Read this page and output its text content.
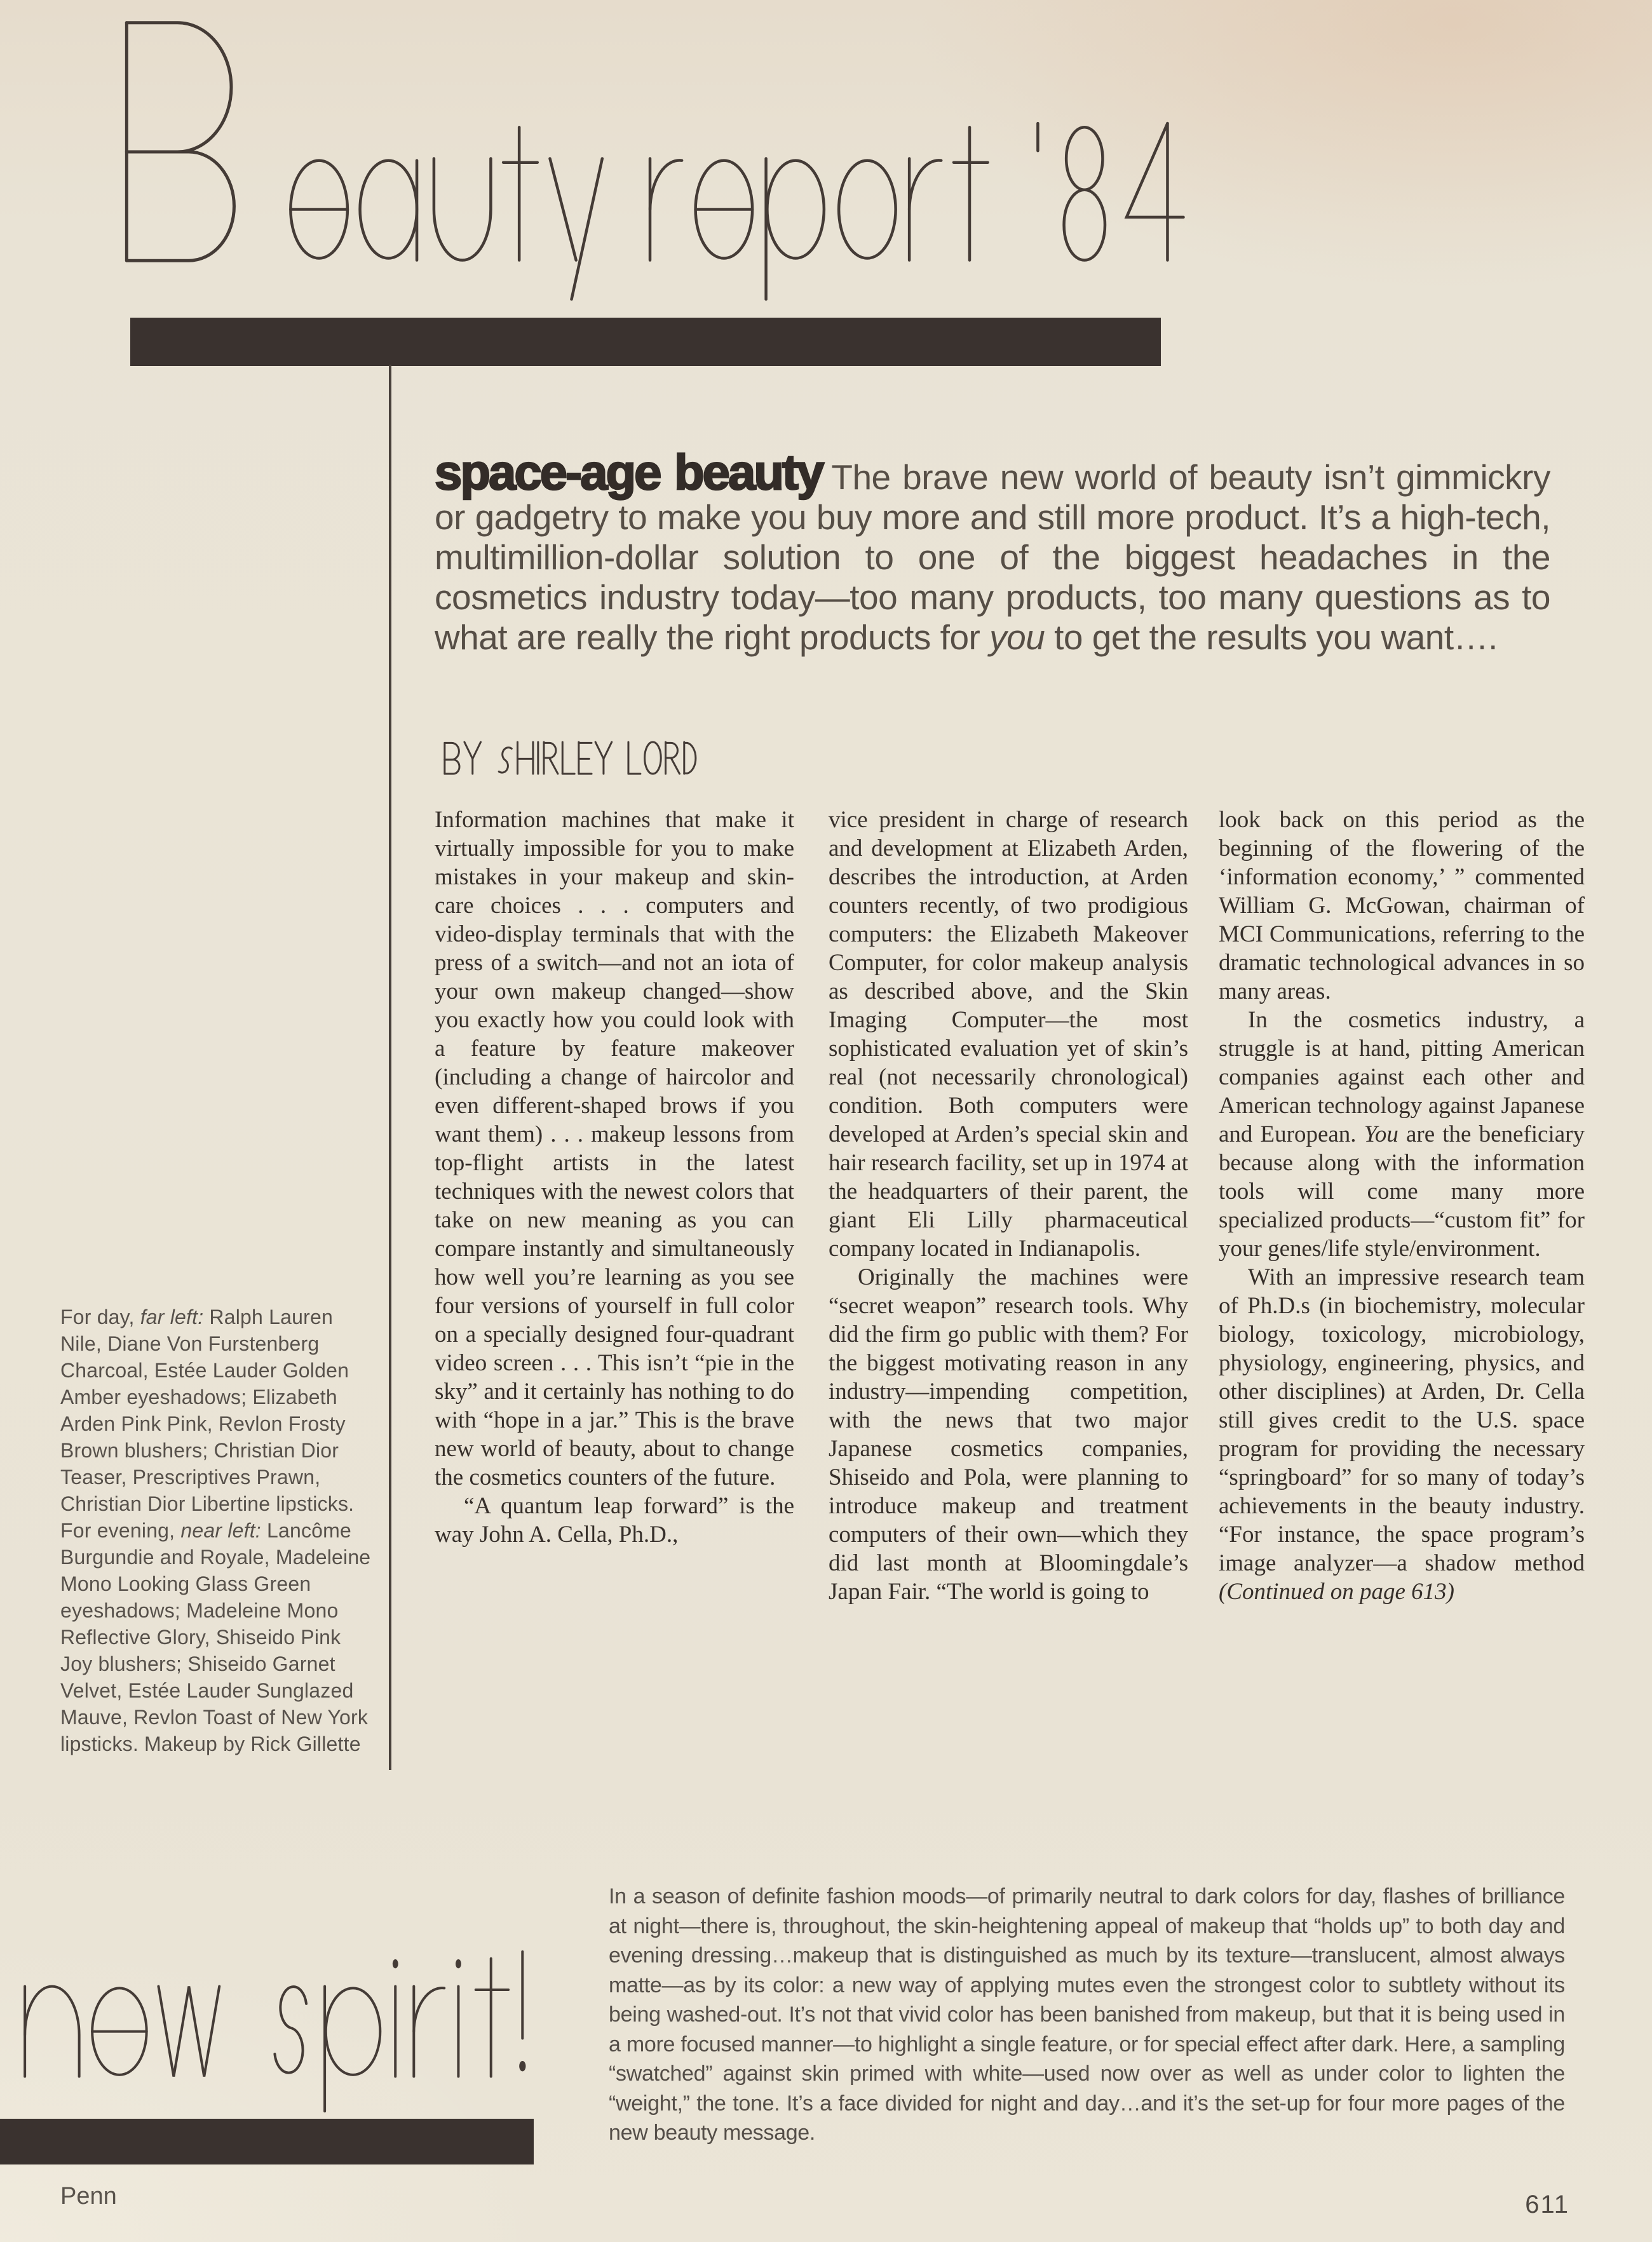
space-age beauty The brave new world of beauty isn’t gimmickry or gadgetry to make you buy more and still more product. It’s a high-tech, multimillion-dollar solution to one of the biggest headaches in the cosmetics industry today—too many products, too many questions as to what are really the right products for you to get the results you want….

Information machines that make it virtually impossible for you to make mistakes in your makeup and skin-care choices . . . computers and video-display terminals that with the press of a switch—and not an iota of your own makeup changed—show you exactly how you could look with a feature by feature makeover (including a change of haircolor and even different-shaped brows if you want them) . . . makeup lessons from top-flight artists in the latest techniques with the newest colors that take on new meaning as you can compare instantly and simultaneously how well you’re learning as you see four versions of yourself in full color on a specially designed four-quadrant video screen . . . This isn’t “pie in the sky” and it certainly has nothing to do with “hope in a jar.” This is the brave new world of beauty, about to change the cosmetics counters of the future.

“A quantum leap forward” is the way John A. Cella, Ph.D.,

vice president in charge of research and development at Elizabeth Arden, describes the introduction, at Arden counters recently, of two prodigious computers: the Elizabeth Makeover Computer, for color makeup analysis as described above, and the Skin Imaging Computer—the most sophisticated evaluation yet of skin’s real (not necessarily chronological) condition. Both computers were developed at Arden’s special skin and hair research facility, set up in 1974 at the headquarters of their parent, the giant Eli Lilly pharmaceutical company located in Indianapolis.

Originally the machines were “secret weapon” research tools. Why did the firm go public with them? For the biggest motivating reason in any industry—impending competition, with the news that two major Japanese cosmetics companies, Shiseido and Pola, were planning to introduce makeup and treatment computers of their own—which they did last month at Bloomingdale’s Japan Fair. “The world is going to

look back on this period as the beginning of the flowering of the ‘information economy,’ ” commented William G. McGowan, chairman of MCI Communications, referring to the dramatic technological advances in so many areas.

In the cosmetics industry, a struggle is at hand, pitting American companies against each other and American technology against Japanese and European. You are the beneficiary because along with the information tools will come many more specialized products—“custom fit” for your genes/life style/environment.

With an impressive research team of Ph.D.s (in biochemistry, molecular biology, toxicology, microbiology, physiology, engineering, physics, and other disciplines) at Arden, Dr. Cella still gives credit to the U.S. space program for providing the necessary “springboard” for so many of today’s achievements in the beauty industry. “For instance, the space program’s image analyzer—a shadow method (Continued on page 613)

For day, far left: Ralph Lauren Nile, Diane Von Furstenberg Charcoal, Estée Lauder Golden Amber eyeshadows; Elizabeth Arden Pink Pink, Revlon Frosty Brown blushers; Christian Dior Teaser, Prescriptives Prawn, Christian Dior Libertine lipsticks. For evening, near left: Lancôme Burgundie and Royale, Madeleine Mono Looking Glass Green eyeshadows; Madeleine Mono Reflective Glory, Shiseido Pink Joy blushers; Shiseido Garnet Velvet, Estée Lauder Sunglazed Mauve, Revlon Toast of New York lipsticks. Makeup by Rick Gillette

In a season of definite fashion moods—of primarily neutral to dark colors for day, flashes of brilliance at night—there is, throughout, the skin-heightening appeal of makeup that “holds up” to both day and evening dressing…makeup that is distinguished as much by its texture—translucent, almost always matte—as by its color: a new way of applying mutes even the strongest color to subtlety without its being washed-out. It’s not that vivid color has been banished from makeup, but that it is being used in a more focused manner—to highlight a single feature, or for special effect after dark. Here, a sampling “swatched” against skin primed with white—used now over as well as under color to lighten the “weight,” the tone. It’s a face divided for night and day…and it’s the set-up for four more pages of the new beauty message.

Penn	611
